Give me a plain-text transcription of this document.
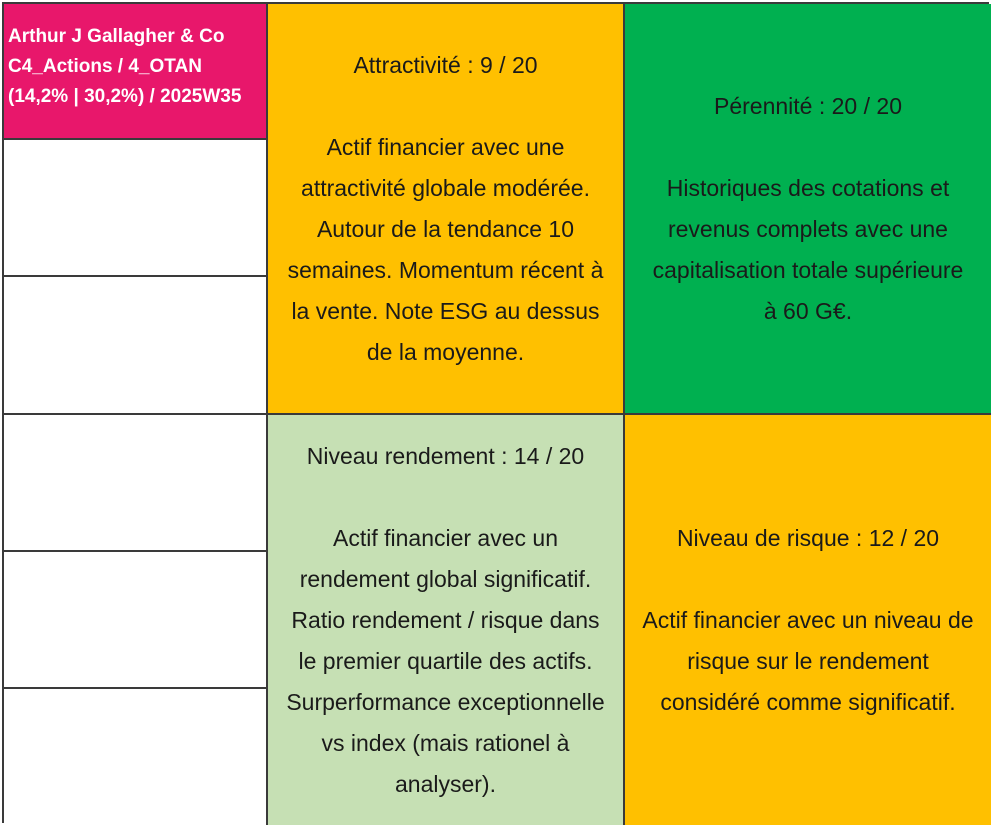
Arthur J Gallagher & Co
C4_Actions / 4_OTAN
(14,2% | 30,2%) / 2025W35
Attractivité : 9 / 20
Actif financier avec une
attractivité globale modérée.
Autour de la tendance 10
semaines. Momentum récent à
la vente. Note ESG au dessus
de la moyenne.
Pérennité : 20 / 20
Historiques des cotations et
revenus complets avec une
capitalisation totale supérieure
à 60 G€.
Niveau rendement : 14 / 20
Actif financier avec un
rendement global significatif.
Ratio rendement / risque dans
le premier quartile des actifs.
Surperformance exceptionnelle
vs index (mais rationel à
analyser).
Niveau de risque : 12 / 20
Actif financier avec un niveau de
risque sur le rendement
considéré comme significatif.
